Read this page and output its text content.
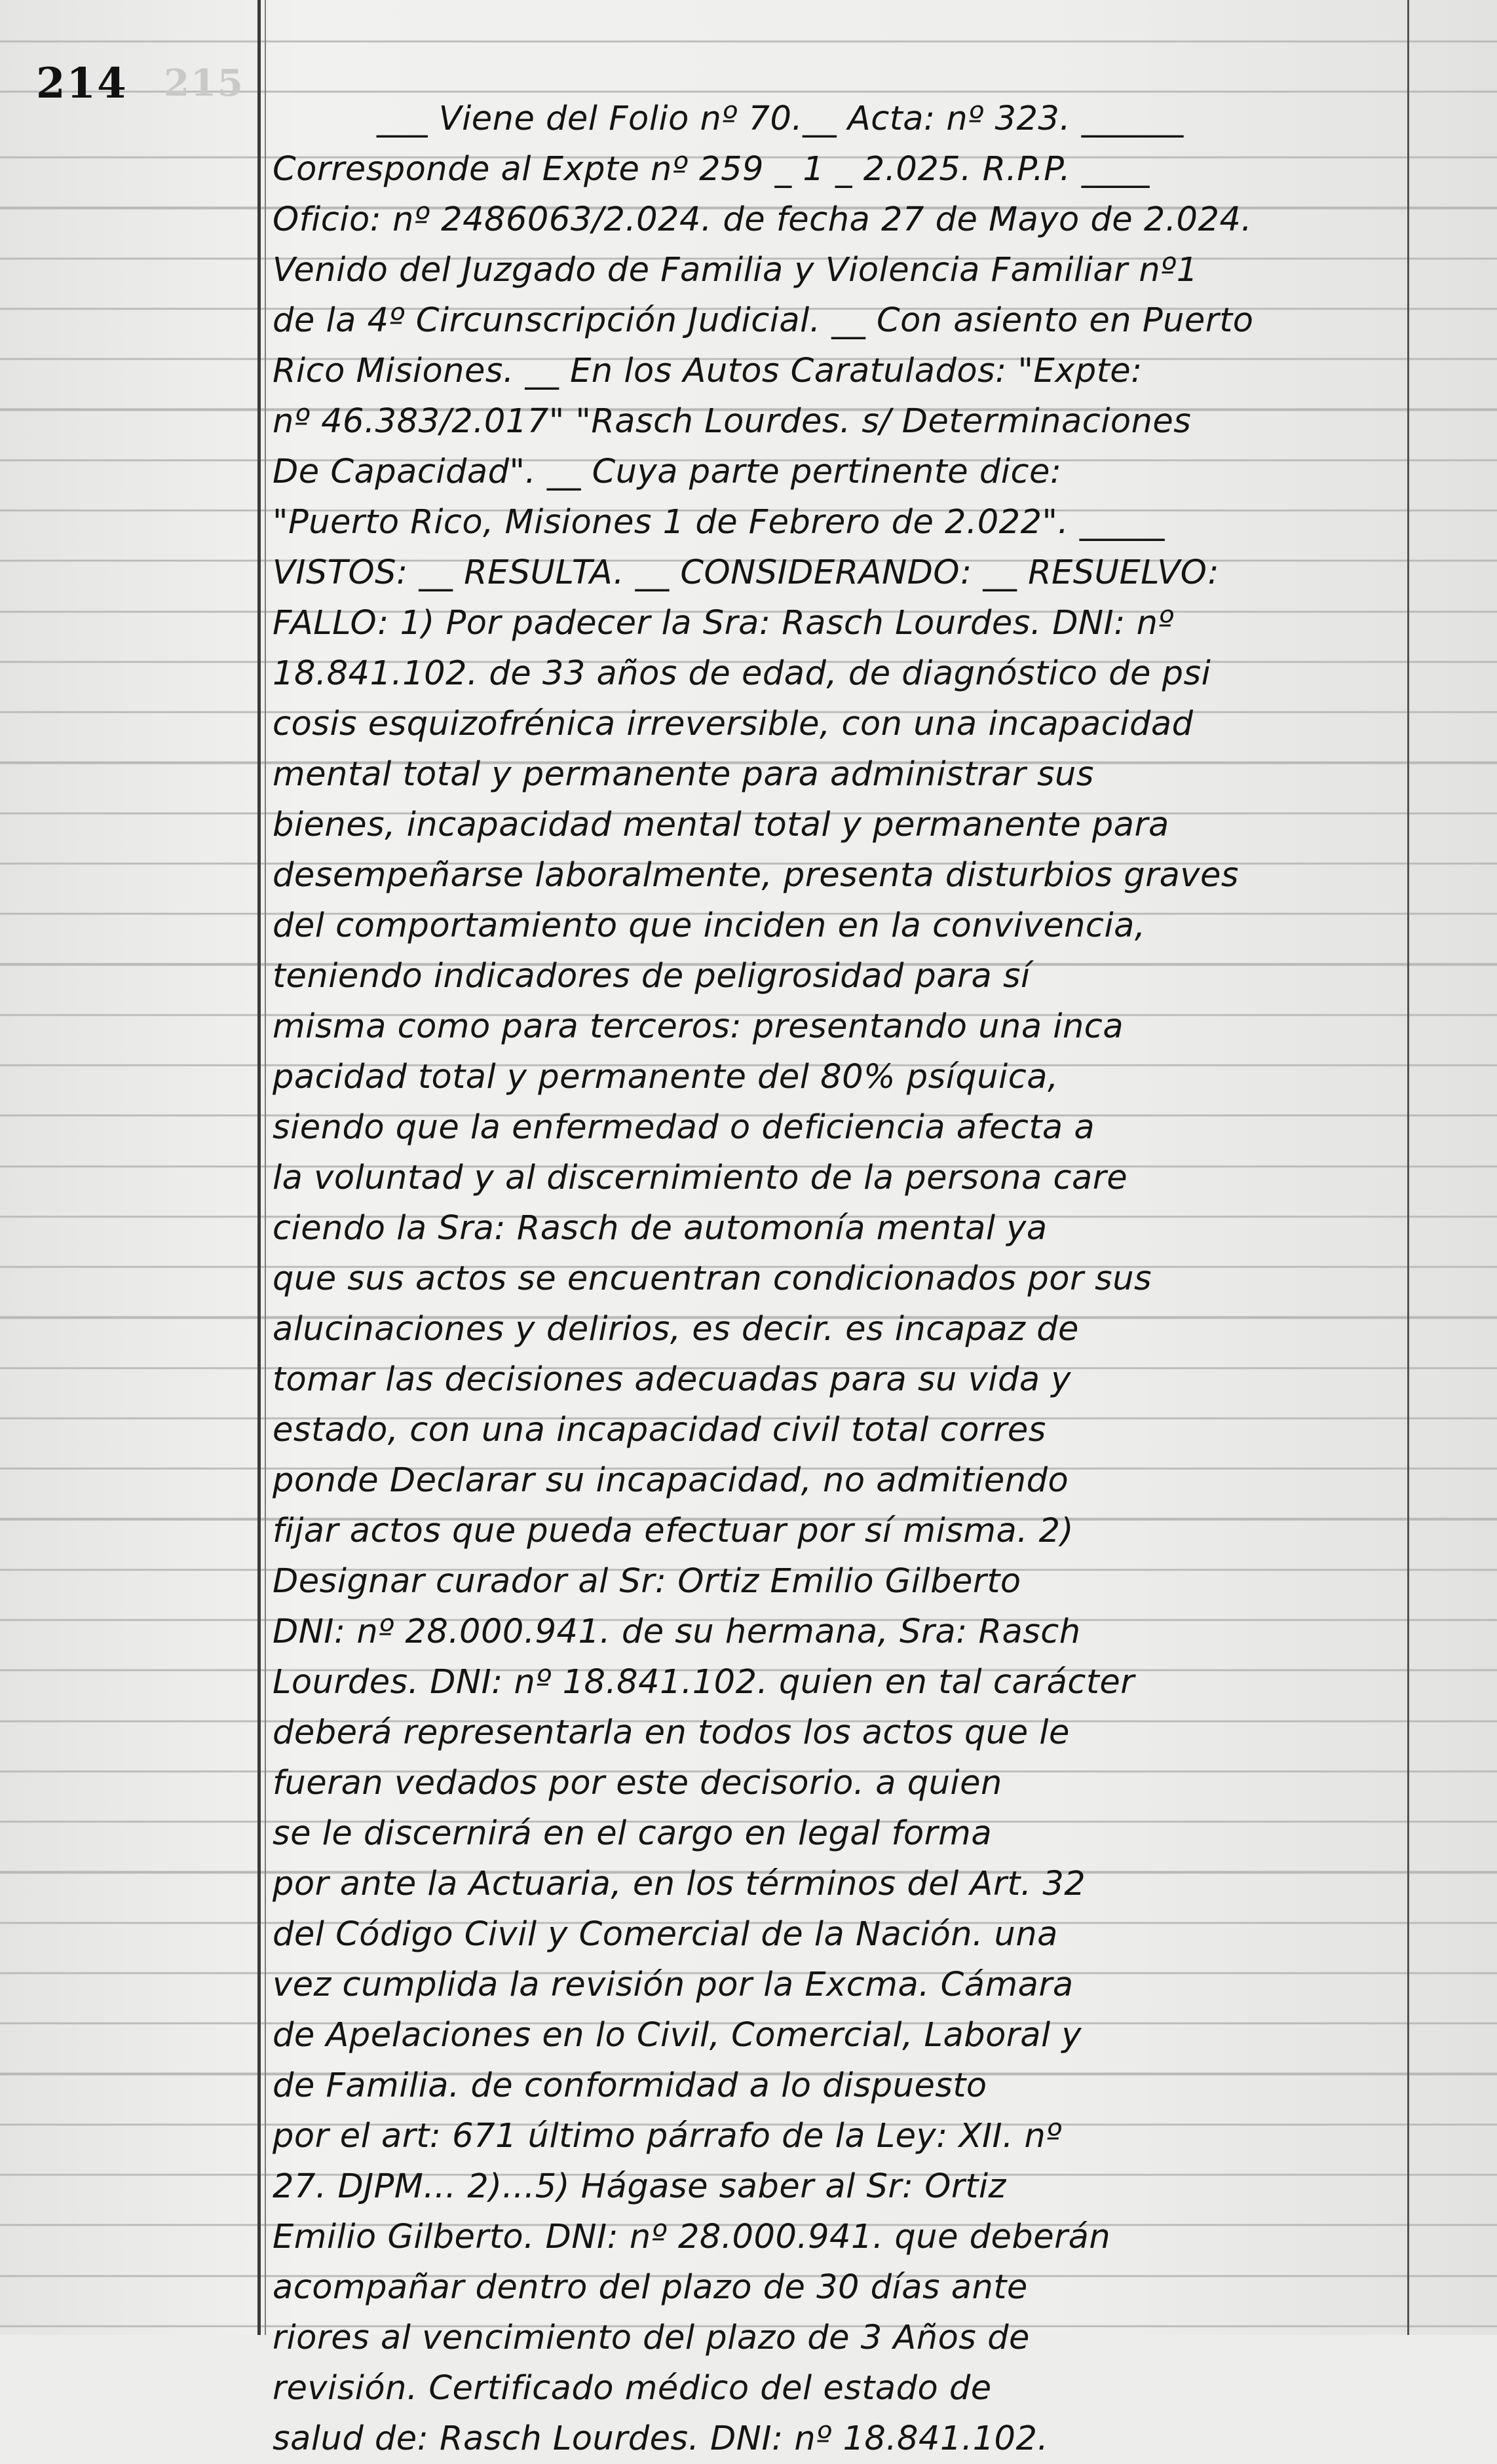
215
214
___ Viene del Folio nº 70.__ Acta: nº 323. ______
Corresponde al Expte nº 259 _ 1 _ 2.025. R.P.P. ____
Oficio: nº 2486063/2.024. de fecha 27 de Mayo de 2.024.
Venido del Juzgado de Familia y Violencia Familiar nº1
de la 4º Circunscripción Judicial. __ Con asiento en Puerto
Rico Misiones. __ En los Autos Caratulados: "Expte:
nº 46.383/2.017" "Rasch Lourdes. s/ Determinaciones
De Capacidad". __ Cuya parte pertinente dice:
"Puerto Rico, Misiones 1 de Febrero de 2.022". _____
VISTOS: __ RESULTA. __ CONSIDERANDO: __ RESUELVO:
FALLO: 1) Por padecer la Sra: Rasch Lourdes. DNI: nº
18.841.102. de 33 años de edad, de diagnóstico de psi
cosis esquizofrénica irreversible, con una incapacidad
mental total y permanente para administrar sus
bienes, incapacidad mental total y permanente para
desempeñarse laboralmente, presenta disturbios graves
del comportamiento que inciden en la convivencia,
teniendo indicadores de peligrosidad para sí
misma como para terceros: presentando una inca
pacidad total y permanente del 80% psíquica,
siendo que la enfermedad o deficiencia afecta a
la voluntad y al discernimiento de la persona care
ciendo la Sra: Rasch de automonía mental ya
que sus actos se encuentran condicionados por sus
alucinaciones y delirios, es decir. es incapaz de
tomar las decisiones adecuadas para su vida y
estado, con una incapacidad civil total corres
ponde Declarar su incapacidad, no admitiendo
fijar actos que pueda efectuar por sí misma. 2)
Designar curador al Sr: Ortiz Emilio Gilberto
DNI: nº 28.000.941. de su hermana, Sra: Rasch
Lourdes. DNI: nº 18.841.102. quien en tal carácter
deberá representarla en todos los actos que le
fueran vedados por este decisorio. a quien
se le discernirá en el cargo en legal forma
por ante la Actuaria, en los términos del Art. 32
del Código Civil y Comercial de la Nación. una
vez cumplida la revisión por la Excma. Cámara
de Apelaciones en lo Civil, Comercial, Laboral y
de Familia. de conformidad a lo dispuesto
por el art: 671 último párrafo de la Ley: XII. nº
27. DJPM... 2)...5) Hágase saber al Sr: Ortiz
Emilio Gilberto. DNI: nº 28.000.941. que deberán
acompañar dentro del plazo de 30 días ante
riores al vencimiento del plazo de 3 Años de
revisión. Certificado médico del estado de
salud de: Rasch Lourdes. DNI: nº 18.841.102.
